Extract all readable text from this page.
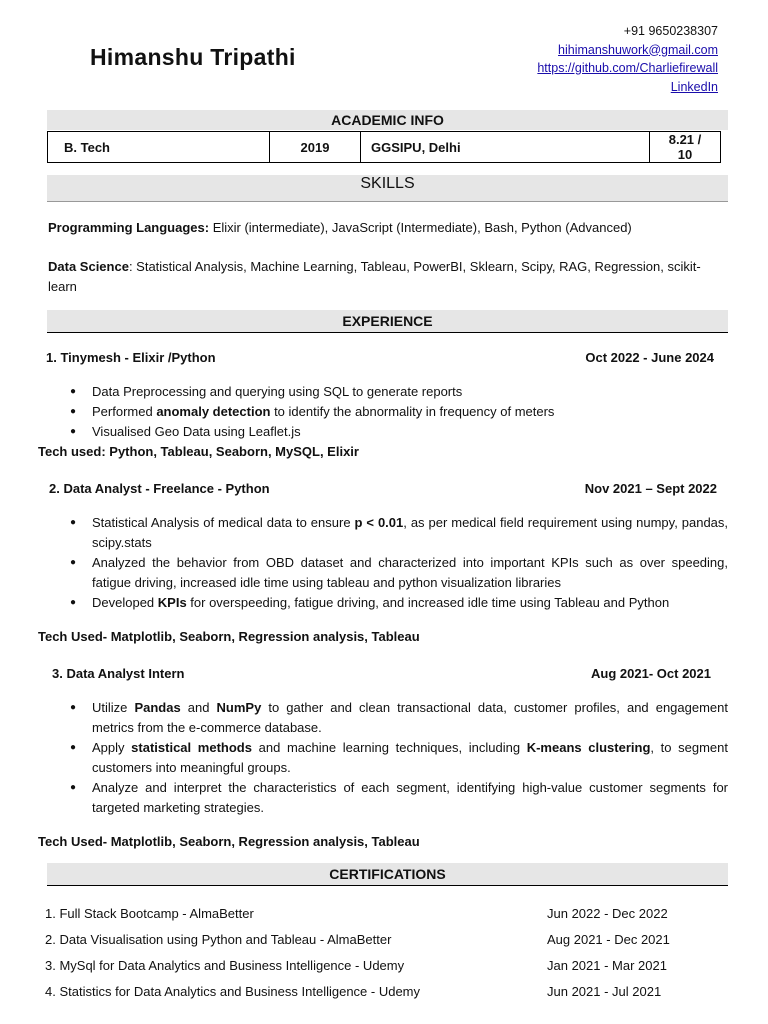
Himanshu Tripathi
+91 9650238307
hihimanshuwork@gmail.com
https://github.com/Charliefirewall
LinkedIn
ACADEMIC INFO
B. Tech	2019	GGSIPU, Delhi	8.21 / 10
SKILLS
Programming Languages: Elixir (intermediate), JavaScript (Intermediate), Bash, Python (Advanced)
Data Science: Statistical Analysis, Machine Learning, Tableau, PowerBI, Sklearn, Scipy, RAG, Regression, scikit-learn
EXPERIENCE
1. Tinymesh - Elixir /Python	Oct 2022 - June 2024
● Data Preprocessing and querying using SQL to generate reports
● Performed anomaly detection to identify the abnormality in frequency of meters
● Visualised Geo Data using Leaflet.js
Tech used: Python, Tableau, Seaborn, MySQL, Elixir
2. Data Analyst - Freelance - Python	Nov 2021 – Sept 2022
● Statistical Analysis of medical data to ensure p < 0.01, as per medical field requirement using numpy, pandas, scipy.stats
● Analyzed the behavior from OBD dataset and characterized into important KPIs such as over speeding, fatigue driving, increased idle time using tableau and python visualization libraries
● Developed KPIs for overspeeding, fatigue driving, and increased idle time using Tableau and Python
Tech Used- Matplotlib, Seaborn, Regression analysis, Tableau
3. Data Analyst Intern	Aug 2021- Oct 2021
● Utilize Pandas and NumPy to gather and clean transactional data, customer profiles, and engagement metrics from the e-commerce database.
● Apply statistical methods and machine learning techniques, including K-means clustering, to segment customers into meaningful groups.
● Analyze and interpret the characteristics of each segment, identifying high-value customer segments for targeted marketing strategies.
Tech Used- Matplotlib, Seaborn, Regression analysis, Tableau
CERTIFICATIONS
1. Full Stack Bootcamp - AlmaBetter	Jun 2022 - Dec 2022
2. Data Visualisation using Python and Tableau - AlmaBetter	Aug 2021 - Dec 2021
3. MySql for Data Analytics and Business Intelligence - Udemy	Jan 2021 - Mar 2021
4. Statistics for Data Analytics and Business Intelligence - Udemy	Jun 2021 - Jul 2021
